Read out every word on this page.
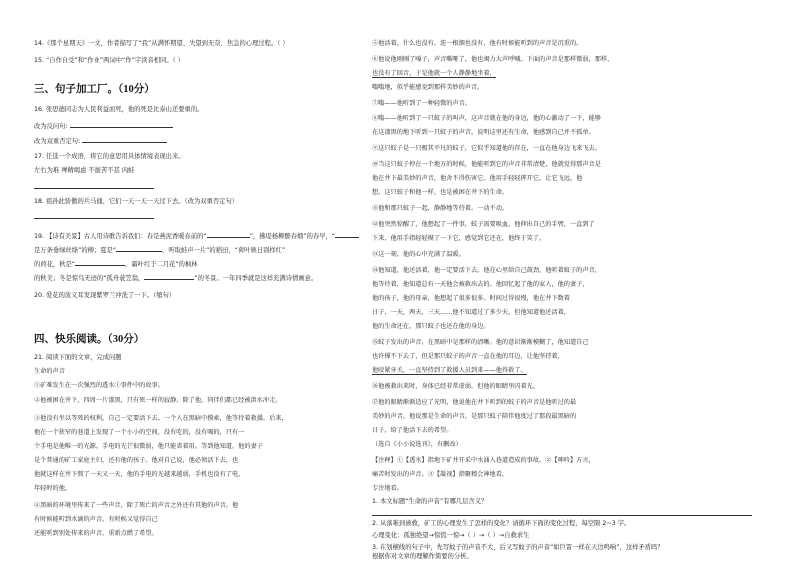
14.《那个星期天》一文，作者描写了“我”从满怀期望、失望到无奈、焦急的心理过程。（ ）
15. “自作自受”和“作业”两词中“作”字读音相同。（ ）
三、句子加工厂。（10分）
16. 张思德同志为人民利益而死，他的死是比泰山还要重的。
改为反问句:
改为双重否定句:
17. 任选一个成语，将它的意思用具体情境表现出来。
左右为难 殚精竭虑 不拔苦不甚 肉蛙
18. 祖孙此骄傲的兵马俑，它们一天一天一天过下去。（改为双重否定句）
19. 【诗有美景】古人用诗歌告诉我们：春是燕泥香暖春前的“	”，拂堤杨柳醉春烟”的春早，“
是万条垂绿丝绦”的柳；夏是“	，听取蛙声一片”的稻田，“荷叶映日别样红”
的荷花，秋是“	，霜叶红于二月花”的枫林
的秋美；冬是惊鸟无迹的“孤舟蓑笠翁，	”的冬景。一年四季就是这样充满诗情画意。
20. 爱花的波义耳发现紫罗兰冲洗了一下。（缩句）
四、快乐阅读。（30分）
21. 阅读下面的文章，完成问题
生命的声音
①矿难发生在一次强烈的透水①事件中的故事。
②他被困在井下，四周一片漆黑，只有死一样的寂静。除了他，同伴们都已经被洪水冲走。
③他没有坐以等死的权利，自己一定要活下去。一个人在黑暗中摸索，他等待着救援。后来，
他在一个狭窄的巷道上发现了一个小小的空间，没有吃的，没有喝的，只有一
个手电是他唯一的光源。手电的光芒很微弱，他只能省着用。等到他知道，他的妻子
是个普通的矿工家庭主妇，还有他的孩子。他对自己说，他必须活下去，也
他就这样在井下熬了一天又一天，他的手电的光越来越弱，手机也没有了电，
年轻时的他，
④黑暗的环境里传来了一些声音，除了死亡的声音之外还有其他的声音，他
有时候能听到水滴的声音，有时候又觉得自己
还能听到别处传来的声音，重新点燃了希望。
⑤他活着，什么也没有，连一根烟也没有，他有时候能听到的声音是沉重的。
⑥他说他刚刚了嗓子，声音嘶哑了，他也竭力大声呼喊。下面的声音是那样微弱，那样，
也没有了回音，于是他就一个人静静地坐着，
嗡嗡地，似乎能感觉到那样美妙的声音。
⑦嗡——他听到了一种轻微的声音。
⑧嗡——他听到了一只蚊子的叫声，这声音就在他的身边，他的心激动了一下，能够
在这漆黑的地下听到一只蚊子的声音，说明这里还有生命，他感到自己并不孤单。
⑨这只蚊子是一只极其平凡的蚊子，它似乎知道他的存在，一直在他身边飞来飞去。
⑩当这只蚊子停在一个地方的时候，他能听到它的声音非常清楚，他就觉得那声音是
他在井下最美妙的声音，他舍不得伤害它。他用手轻轻挥开它，让它飞远，他
想，这只蚊子和他一样，也是被困在井下的生命。
⑪他和那只蚊子一起，静静地等待着。一动不动。
⑫他突然惊醒了，他想起了一件事，蚊子需要吸血，他伸出自己的手臂，一直到了
下来，他用手指轻轻摸了一下它，感觉到它还在，他终于笑了。
⑬这一刻，他的心中充满了温暖。
⑭他知道，他还活着，他一定要活下去。他在心里给自己鼓劲，他听着蚊子的声音，
他等待着，他知道总有一天他会被救出去的。他回忆起了他的家人，他的妻子，
他的孩子，他的母亲，他想起了很多很多。时间过得很慢，他在井下数着
日子，一天，两天，三天……他不知道过了多少天，但他知道他还活着，
他的生命还在，那只蚊子也还在他的身边。
⑮蚊子发出的声音，在黑暗中是那样的清晰。他的意识渐渐模糊了，他知道自己
也许撑不下去了，但是那只蚊子的声音一直在他的耳边，让他坚持着，
他咬紧牙关，一直坚持到了救援人员到来——他得救了。
⑯他被救出来时，身体已经非常虚弱，但他的眼睛里闪着光。
⑰他的眼睛渐渐适应了光明，他说他在井下听到的蚊子的声音是他听过的最
美妙的声音，他说那是生命的声音，是那只蚊子陪伴他度过了那段最黑暗的
日子，给了他活下去的希望。
（选自《小小说选刊》，有删改）
【注释】①【透水】指地下矿井开采中水涌入巷道造成的事故。②【呻吟】方言，
痛苦时发出的声音。③【凝视】指聚精会神地看，
专注地看。
1. 本文标题“生命的声音”有哪几层含义？
2. 从落难到被救，矿工的心理发生了怎样的变化？请循环下面的变化过程，每空限 2~3 字。
心理变化：孤独绝望→惊慌一惊→（ ）→（ ）→自救求生
3. 在划横线的句子中，先写蚊子的声音不大，后又写蚊子的声音“如巨雷一样在天边鸣响”，这样矛盾吗？
根据你对文章的理解作简要的分析。
